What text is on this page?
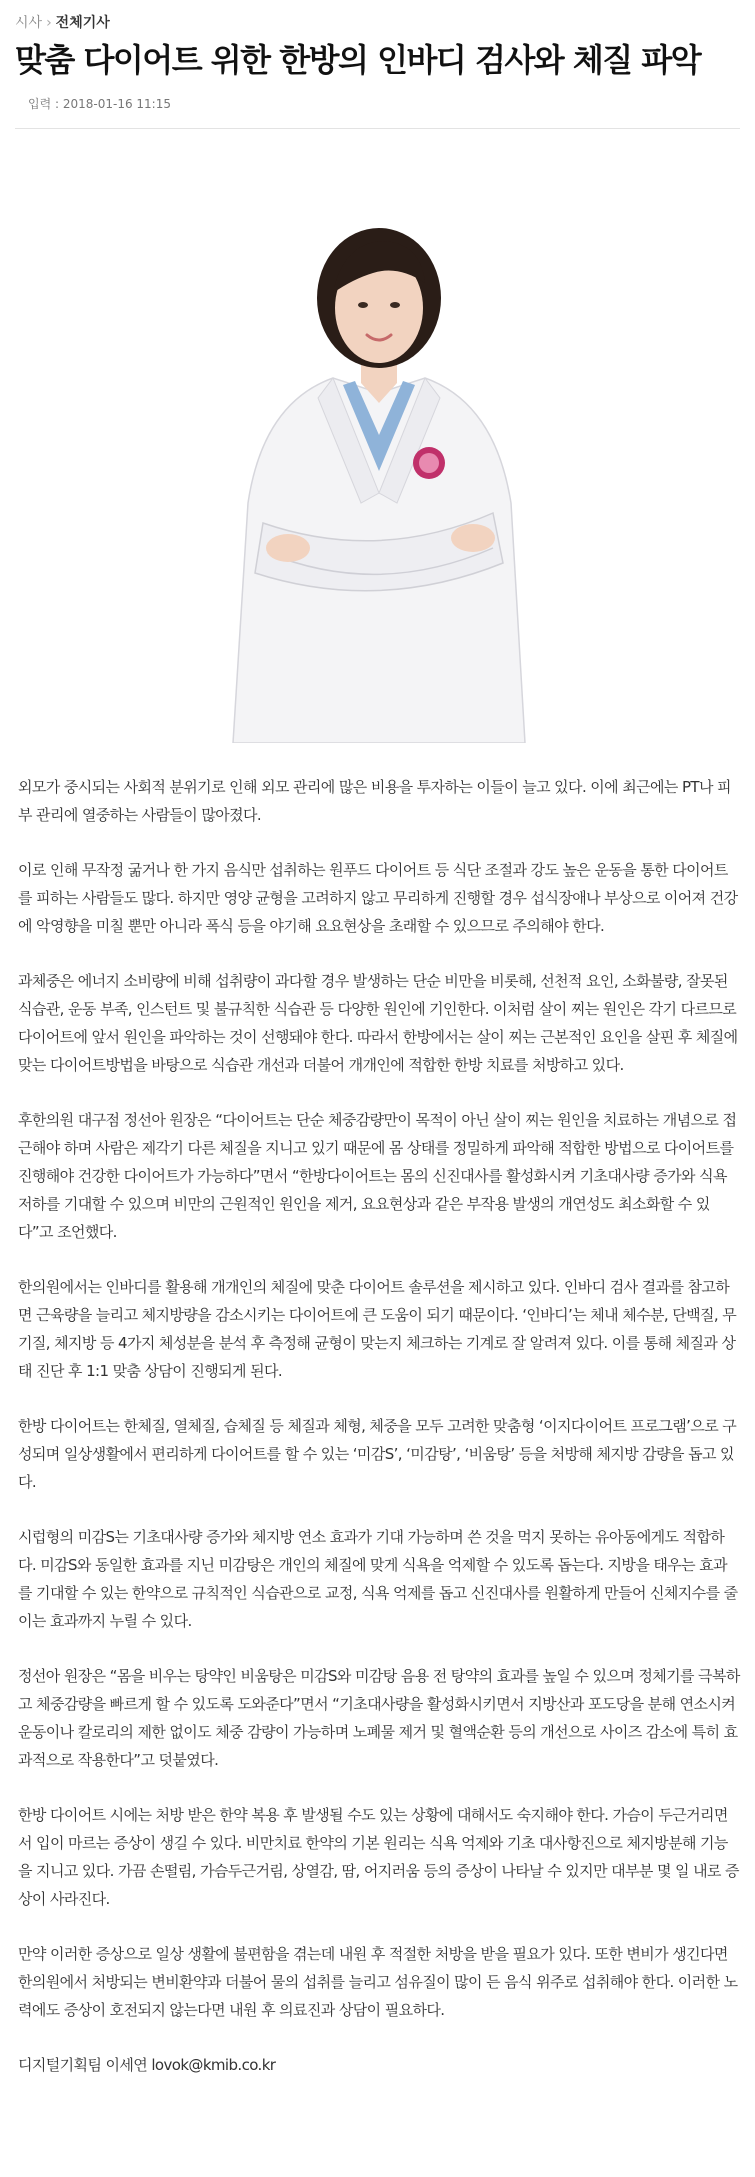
시사 › 전체기사
맞춤 다이어트 위한 한방의 인바디 검사와 체질 파악
입력 : 2018-01-16 11:15

외모가 중시되는 사회적 분위기로 인해 외모 관리에 많은 비용을 투자하는 이들이 늘고 있다. 이에 최근에는 PT나 피부 관리에 열중하는 사람들이 많아졌다.

이로 인해 무작정 굶거나 한 가지 음식만 섭취하는 원푸드 다이어트 등 식단 조절과 강도 높은 운동을 통한 다이어트를 피하는 사람들도 많다. 하지만 영양 균형을 고려하지 않고 무리하게 진행할 경우 섭식장애나 부상으로 이어져 건강에 악영향을 미칠 뿐만 아니라 폭식 등을 야기해 요요현상을 초래할 수 있으므로 주의해야 한다.

과체중은 에너지 소비량에 비해 섭취량이 과다할 경우 발생하는 단순 비만을 비롯해, 선천적 요인, 소화불량, 잘못된 식습관, 운동 부족, 인스턴트 및 불규칙한 식습관 등 다양한 원인에 기인한다. 이처럼 살이 찌는 원인은 각기 다르므로 다이어트에 앞서 원인을 파악하는 것이 선행돼야 한다. 따라서 한방에서는 살이 찌는 근본적인 요인을 살핀 후 체질에 맞는 다이어트방법을 바탕으로 식습관 개선과 더불어 개개인에 적합한 한방 치료를 처방하고 있다.

후한의원 대구점 정선아 원장은 “다이어트는 단순 체중감량만이 목적이 아닌 살이 찌는 원인을 치료하는 개념으로 접근해야 하며 사람은 제각기 다른 체질을 지니고 있기 때문에 몸 상태를 정밀하게 파악해 적합한 방법으로 다이어트를 진행해야 건강한 다이어트가 가능하다”면서 “한방다이어트는 몸의 신진대사를 활성화시켜 기초대사량 증가와 식욕 저하를 기대할 수 있으며 비만의 근원적인 원인을 제거, 요요현상과 같은 부작용 발생의 개연성도 최소화할 수 있다”고 조언했다.

한의원에서는 인바디를 활용해 개개인의 체질에 맞춘 다이어트 솔루션을 제시하고 있다. 인바디 검사 결과를 참고하면 근육량을 늘리고 체지방량을 감소시키는 다이어트에 큰 도움이 되기 때문이다. ‘인바디’는 체내 체수분, 단백질, 무기질, 체지방 등 4가지 체성분을 분석 후 측정해 균형이 맞는지 체크하는 기계로 잘 알려져 있다. 이를 통해 체질과 상태 진단 후 1:1 맞춤 상담이 진행되게 된다.

한방 다이어트는 한체질, 열체질, 습체질 등 체질과 체형, 체중을 모두 고려한 맞춤형 ‘이지다이어트 프로그램’으로 구성되며 일상생활에서 편리하게 다이어트를 할 수 있는 ‘미감S’, ‘미감탕’, ‘비움탕’ 등을 처방해 체지방 감량을 돕고 있다.

시럽형의 미감S는 기초대사량 증가와 체지방 연소 효과가 기대 가능하며 쓴 것을 먹지 못하는 유아동에게도 적합하다. 미감S와 동일한 효과를 지닌 미감탕은 개인의 체질에 맞게 식욕을 억제할 수 있도록 돕는다. 지방을 태우는 효과를 기대할 수 있는 한약으로 규칙적인 식습관으로 교정, 식욕 억제를 돕고 신진대사를 원활하게 만들어 신체지수를 줄이는 효과까지 누릴 수 있다.

정선아 원장은 “몸을 비우는 탕약인 비움탕은 미감S와 미감탕 음용 전 탕약의 효과를 높일 수 있으며 정체기를 극복하고 체중감량을 빠르게 할 수 있도록 도와준다”면서 “기초대사량을 활성화시키면서 지방산과 포도당을 분해 연소시켜 운동이나 칼로리의 제한 없이도 체중 감량이 가능하며 노폐물 제거 및 혈액순환 등의 개선으로 사이즈 감소에 특히 효과적으로 작용한다”고 덧붙였다.

한방 다이어트 시에는 처방 받은 한약 복용 후 발생될 수도 있는 상황에 대해서도 숙지해야 한다. 가슴이 두근거리면서 입이 마르는 증상이 생길 수 있다. 비만치료 한약의 기본 원리는 식욕 억제와 기초 대사항진으로 체지방분해 기능을 지니고 있다. 가끔 손떨림, 가슴두근거림, 상열감, 땀, 어지러움 등의 증상이 나타날 수 있지만 대부분 몇 일 내로 증상이 사라진다.

만약 이러한 증상으로 일상 생활에 불편함을 겪는데 내원 후 적절한 처방을 받을 필요가 있다. 또한 변비가 생긴다면 한의원에서 처방되는 변비환약과 더불어 물의 섭취를 늘리고 섬유질이 많이 든 음식 위주로 섭취해야 한다. 이러한 노력에도 증상이 호전되지 않는다면 내원 후 의료진과 상담이 필요하다.

디지털기획팀 이세연 lovok@kmib.co.kr
